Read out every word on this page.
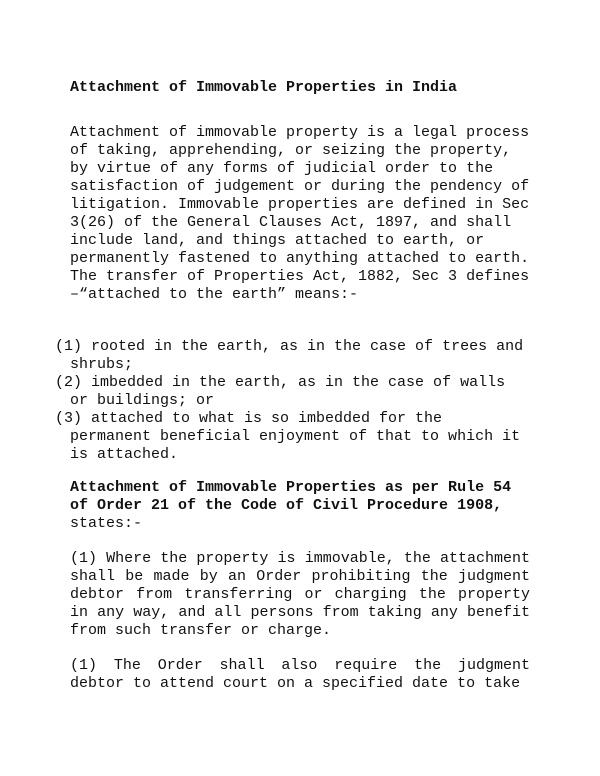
Attachment of Immovable Properties in India

Attachment of immovable property is a legal process of taking, apprehending, or seizing the property, by virtue of any forms of judicial order to the satisfaction of judgement or during the pendency of litigation. Immovable properties are defined in Sec 3(26) of the General Clauses Act, 1897, and shall include land, and things attached to earth, or permanently fastened to anything attached to earth. The transfer of Properties Act, 1882, Sec 3 defines –“attached to the earth” means:-

(1) rooted in the earth, as in the case of trees and shrubs;
(2) imbedded in the earth, as in the case of walls or buildings; or
(3) attached to what is so imbedded for the permanent beneficial enjoyment of that to which it is attached.

Attachment of Immovable Properties as per Rule 54 of Order 21 of the Code of Civil Procedure 1908,
states:-

(1) Where the property is immovable, the attachment shall be made by an Order prohibiting the judgment debtor from transferring or charging the property in any way, and all persons from taking any benefit from such transfer or charge.

(1) The Order shall also require the judgment debtor to attend court on a specified date to take
